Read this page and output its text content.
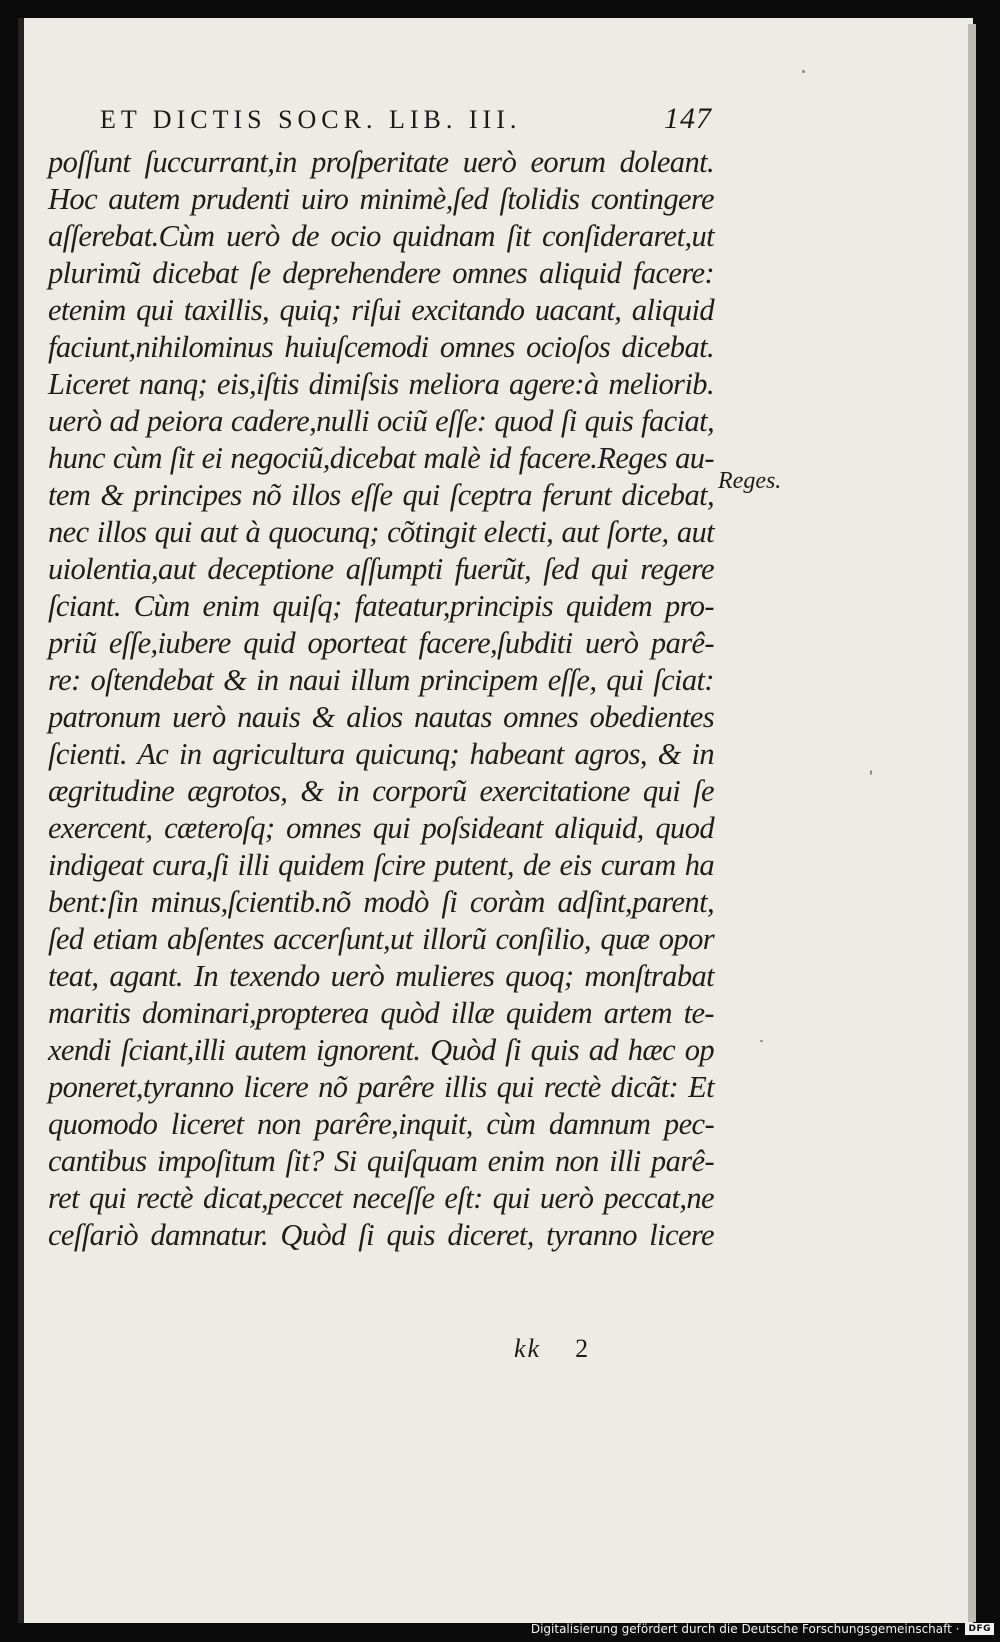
ET DICTIS SOCR. LIB. III.	147
poſſunt ſuccurrant,in proſperitate uerò eorum doleant.
Hoc autem prudenti uiro minimè,ſed ſtolidis contingere
aſſerebat.Cùm uerò de ocio quidnam ſit conſideraret,ut
plurimũ dicebat ſe deprehendere omnes aliquid facere:
etenim qui taxillis, quiq; riſui excitando uacant, aliquid
faciunt,nihilominus huiuſcemodi omnes ocioſos dicebat.
Liceret nanq; eis,iſtis dimiſsis meliora agere:à meliorib.
uerò ad peiora cadere,nulli ociũ eſſe: quod ſi quis faciat,
hunc cùm ſit ei negociũ,dicebat malè id facere.Reges au-
tem & principes nõ illos eſſe qui ſceptra ferunt dicebat,
nec illos qui aut à quocunq; cõtingit electi, aut ſorte, aut
uiolentia,aut deceptione aſſumpti fuerũt, ſed qui regere
ſciant. Cùm enim quiſq; fateatur,principis quidem pro-
priũ eſſe,iubere quid oporteat facere,ſubditi uerò parê-
re: oſtendebat & in naui illum principem eſſe, qui ſciat:
patronum uerò nauis & alios nautas omnes obedientes
ſcienti. Ac in agricultura quicunq; habeant agros, & in
ægritudine ægrotos, & in corporũ exercitatione qui ſe
exercent, cæteroſq; omnes qui poſsideant aliquid, quod
indigeat cura,ſi illi quidem ſcire putent, de eis curam ha
bent:ſin minus,ſcientib.nõ modò ſi coràm adſint,parent,
ſed etiam abſentes accerſunt,ut illorũ conſilio, quæ opor
teat, agant. In texendo uerò mulieres quoq; monſtrabat
maritis dominari,propterea quòd illæ quidem artem te-
xendi ſciant,illi autem ignorent. Quòd ſi quis ad hæc op
poneret,tyranno licere nõ parêre illis qui rectè dicãt: Et
quomodo liceret non parêre,inquit, cùm damnum pec-
cantibus impoſitum ſit? Si quiſquam enim non illi parê-
ret qui rectè dicat,peccet neceſſe eſt: qui uerò peccat,ne
ceſſariò damnatur. Quòd ſi quis diceret, tyranno licere
Reges.
kk 2
Digitalisierung gefördert durch die Deutsche Forschungsgemeinschaft ·	DFG
